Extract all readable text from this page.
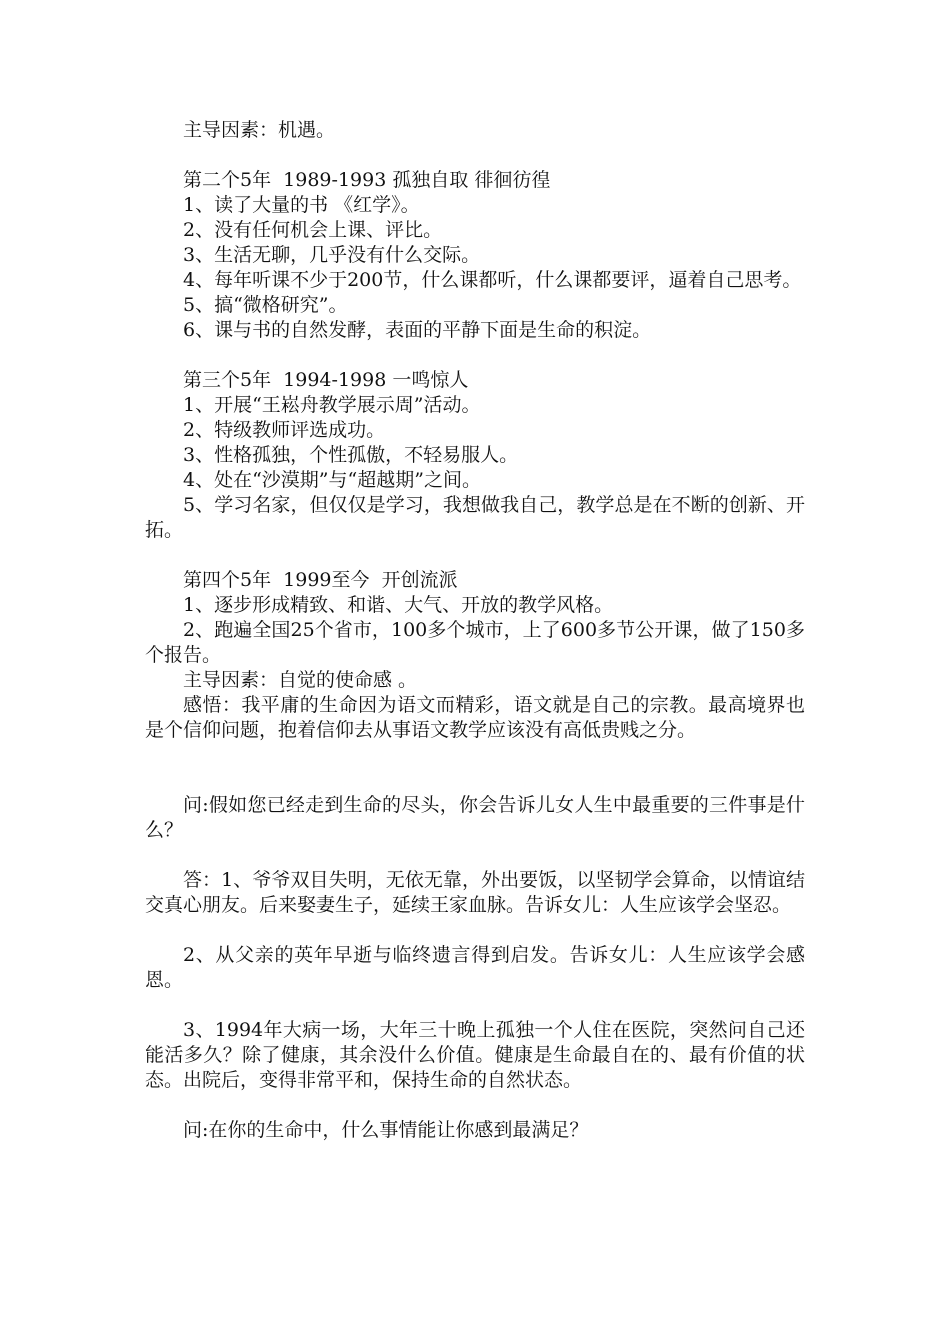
主导因素：机遇。

第二个5年  1989-1993 孤独自取 徘徊彷徨

1、读了大量的书 《红学》。

2、没有任何机会上课、评比。

3、生活无聊，几乎没有什么交际。

4、每年听课不少于200节，什么课都听，什么课都要评，逼着自己思考。

5、搞“微格研究”。

6、课与书的自然发酵，表面的平静下面是生命的积淀。

第三个5年  1994-1998 一鸣惊人

1、开展“王崧舟教学展示周”活动。

2、特级教师评选成功。

3、性格孤独，个性孤傲，不轻易服人。

4、处在“沙漠期”与“超越期”之间。

5、学习名家，但仅仅是学习，我想做我自己，教学总是在不断的创新、开拓。

第四个5年  1999至今  开创流派

1、逐步形成精致、和谐、大气、开放的教学风格。

2、跑遍全国25个省市，100多个城市，上了600多节公开课，做了150多个报告。

主导因素：自觉的使命感 。

感悟：我平庸的生命因为语文而精彩，语文就是自己的宗教。最高境界也是个信仰问题，抱着信仰去从事语文教学应该没有高低贵贱之分。

问:假如您已经走到生命的尽头，你会告诉儿女人生中最重要的三件事是什么？

答：1、爷爷双目失明，无依无靠，外出要饭，以坚韧学会算命，以情谊结交真心朋友。后来娶妻生子，延续王家血脉。告诉女儿：人生应该学会坚忍。

2、从父亲的英年早逝与临终遗言得到启发。告诉女儿：人生应该学会感恩。

3、1994年大病一场，大年三十晚上孤独一个人住在医院，突然问自己还能活多久？除了健康，其余没什么价值。健康是生命最自在的、最有价值的状态。出院后，变得非常平和，保持生命的自然状态。

问:在你的生命中，什么事情能让你感到最满足？
